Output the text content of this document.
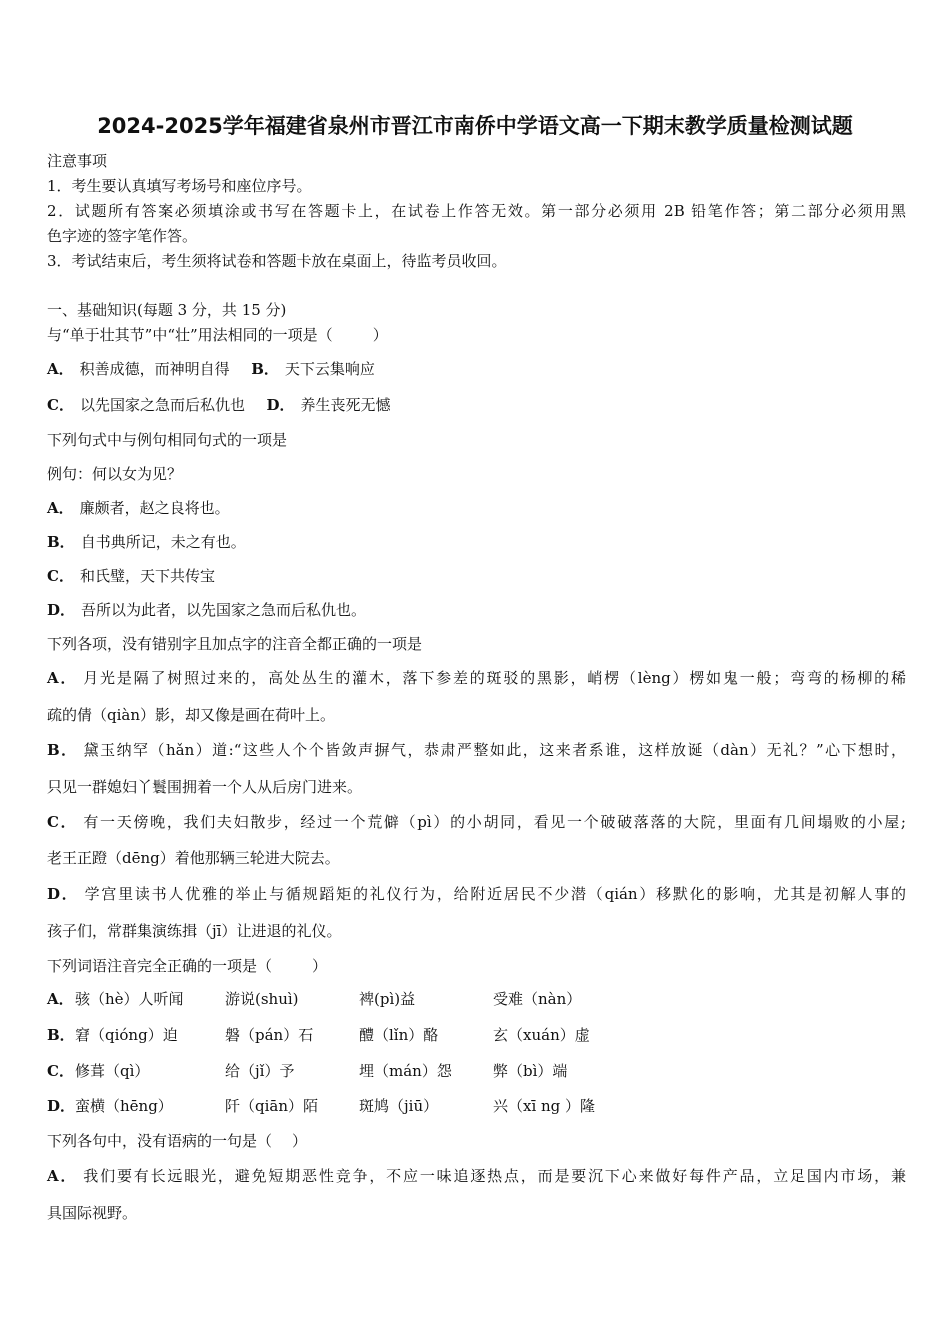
2024-2025学年福建省泉州市晋江市南侨中学语文高一下期末教学质量检测试题
注意事项
1．考生要认真填写考场号和座位序号。
2．试题所有答案必须填涂或书写在答题卡上，在试卷上作答无效。第一部分必须用 2B 铅笔作答；第二部分必须用黑
色字迹的签字笔作答。
3．考试结束后，考生须将试卷和答题卡放在桌面上，待监考员收回。
一、基础知识(每题 3 分，共 15 分)
与“单于壮其节”中“壮”用法相同的一项是（	）
A． 积善成德，而神明自得 B． 天下云集响应
C． 以先国家之急而后私仇也 D． 养生丧死无憾
下列句式中与例句相同句式的一项是
例句：何以女为见？
A． 廉颇者，赵之良将也。
B． 自书典所记，未之有也。
C． 和氏璧，天下共传宝
D． 吾所以为此者，以先国家之急而后私仇也。
下列各项，没有错别字且加点字的注音全都正确的一项是
A． 月光是隔了树照过来的，高处丛生的灌木，落下参差的斑驳的黑影，峭楞（lèng）楞如鬼一般；弯弯的杨柳的稀
疏的倩（qiàn）影，却又像是画在荷叶上。
B． 黛玉纳罕（hǎn）道:“这些人个个皆敛声摒气，恭肃严整如此，这来者系谁，这样放诞（dàn）无礼？”心下想时，
只见一群媳妇丫鬟围拥着一个人从后房门进来。
C． 有一天傍晚，我们夫妇散步，经过一个荒僻（pì）的小胡同，看见一个破破落落的大院，里面有几间塌败的小屋;
老王正蹬（dēng）着他那辆三轮进大院去。
D． 学宫里读书人优雅的举止与循规蹈矩的礼仪行为，给附近居民不少潜（qián）移默化的影响，尤其是初解人事的
孩子们，常群集演练揖（jī）让进退的礼仪。
下列词语注音完全正确的一项是（	）
A． 骇（hè）人听闻	游说(shuì)	裨(pì)益	受难（nàn）
B． 窘（qióng）迫	磐（pán）石	醴（lǐn）酪	玄（xuán）虚
C． 修葺（qì）	给（jǐ）予	埋（mán）怨	弊（bì）端
D． 蛮横（hēng）	阡（qiān）陌	斑鸠（jiū）	兴（xī ng ）隆
下列各句中，没有语病的一句是（ ）
A． 我们要有长远眼光，避免短期恶性竞争，不应一味追逐热点，而是要沉下心来做好每件产品，立足国内市场，兼
具国际视野。
